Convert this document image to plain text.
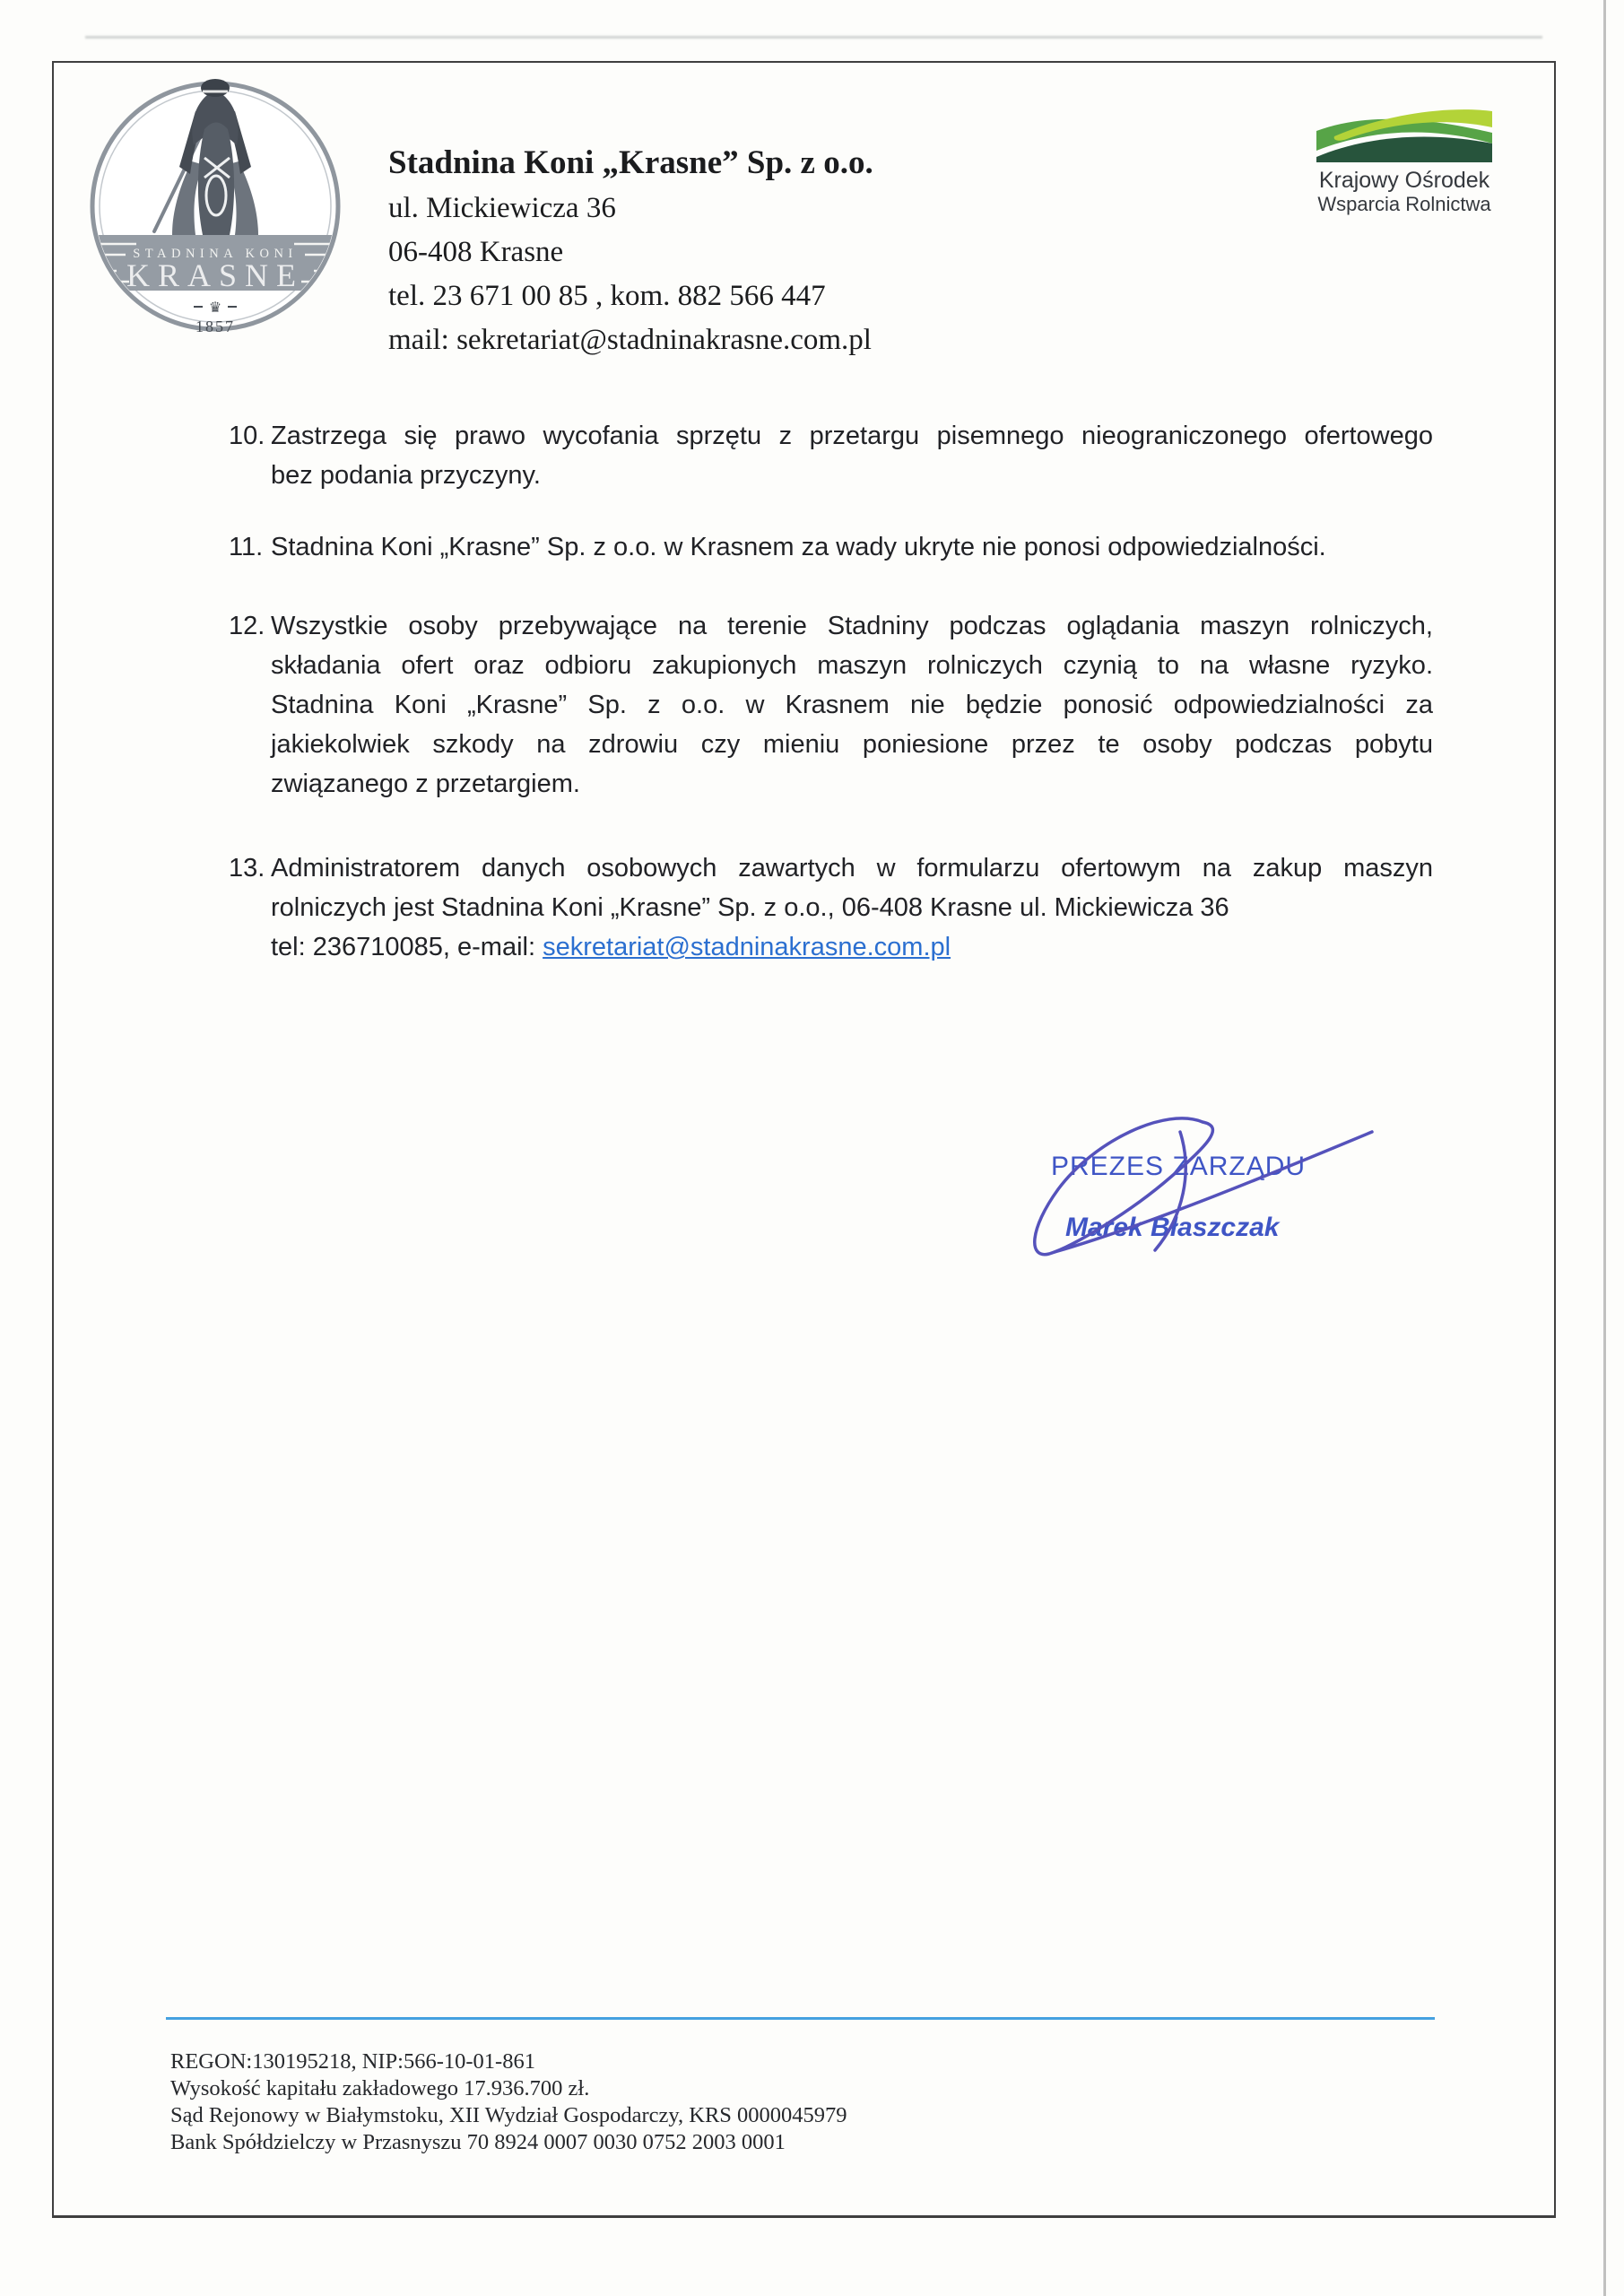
STADNINA KONI
KRASNE
♛
1857
Stadnina Koni „Krasne” Sp. z o.o.
ul. Mickiewicza 36
06-408 Krasne
tel. 23 671 00 85 , kom. 882 566 447
mail: sekretariat@stadninakrasne.com.pl
Krajowy Ośrodek
Wsparcia Rolnictwa
10. Zastrzega się prawo wycofania sprzętu z przetargu pisemnego nieograniczonego ofertowego
bez podania przyczyny.
11. Stadnina Koni „Krasne” Sp. z o.o. w Krasnem za wady ukryte nie ponosi odpowiedzialności.
12. Wszystkie osoby przebywające na terenie Stadniny podczas oglądania maszyn rolniczych,
składania ofert oraz odbioru zakupionych maszyn rolniczych czynią to na własne ryzyko.
Stadnina Koni „Krasne” Sp. z o.o. w Krasnem nie będzie ponosić odpowiedzialności za
jakiekolwiek szkody na zdrowiu czy mieniu poniesione przez te osoby podczas pobytu
związanego z przetargiem.
13. Administratorem danych osobowych zawartych w formularzu ofertowym na zakup maszyn
rolniczych jest Stadnina Koni „Krasne” Sp. z o.o., 06-408 Krasne ul. Mickiewicza 36
tel: 236710085, e-mail: sekretariat@stadninakrasne.com.pl
PREZES ZARZĄDU
Marek Błaszczak
REGON:130195218, NIP:566-10-01-861
Wysokość kapitału zakładowego 17.936.700 zł.
Sąd Rejonowy w Białymstoku, XII Wydział Gospodarczy, KRS 0000045979
Bank Spółdzielczy w Przasnyszu 70 8924 0007 0030 0752 2003 0001
